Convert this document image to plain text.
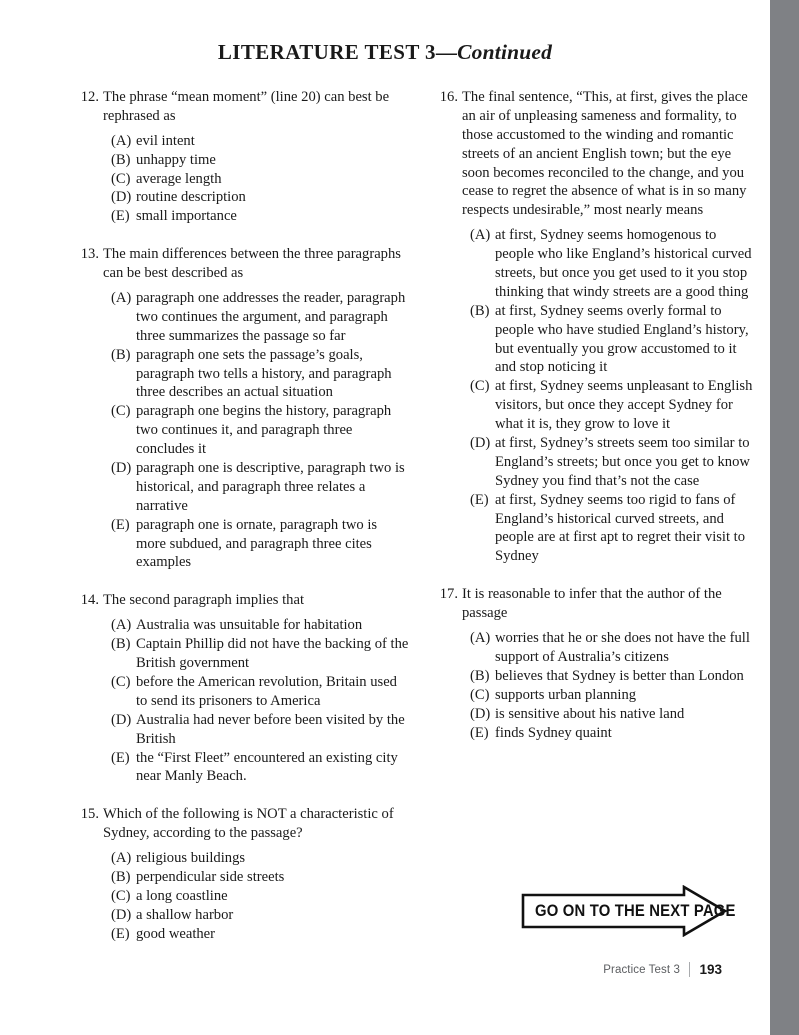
LITERATURE TEST 3—Continued
12. The phrase “mean moment” (line 20) can best be rephrased as
(A) evil intent
(B) unhappy time
(C) average length
(D) routine description
(E) small importance
13. The main differences between the three paragraphs can be best described as
(A) paragraph one addresses the reader, paragraph two continues the argument, and paragraph three summarizes the passage so far
(B) paragraph one sets the passage’s goals, paragraph two tells a history, and paragraph three describes an actual situation
(C) paragraph one begins the history, paragraph two continues it, and paragraph three concludes it
(D) paragraph one is descriptive, paragraph two is historical, and paragraph three relates a narrative
(E) paragraph one is ornate, paragraph two is more subdued, and paragraph three cites examples
14. The second paragraph implies that
(A) Australia was unsuitable for habitation
(B) Captain Phillip did not have the backing of the British government
(C) before the American revolution, Britain used to send its prisoners to America
(D) Australia had never before been visited by the British
(E) the “First Fleet” encountered an existing city near Manly Beach.
15. Which of the following is NOT a characteristic of Sydney, according to the passage?
(A) religious buildings
(B) perpendicular side streets
(C) a long coastline
(D) a shallow harbor
(E) good weather
16. The final sentence, “This, at first, gives the place an air of unpleasing sameness and formality, to those accustomed to the winding and romantic streets of an ancient English town; but the eye soon becomes reconciled to the change, and you cease to regret the absence of what is in so many respects undesirable,” most nearly means
(A) at first, Sydney seems homogenous to people who like England’s historical curved streets, but once you get used to it you stop thinking that windy streets are a good thing
(B) at first, Sydney seems overly formal to people who have studied England’s history, but eventually you grow accustomed to it and stop noticing it
(C) at first, Sydney seems unpleasant to English visitors, but once they accept Sydney for what it is, they grow to love it
(D) at first, Sydney’s streets seem too similar to England’s streets; but once you get to know Sydney you find that’s not the case
(E) at first, Sydney seems too rigid to fans of England’s historical curved streets, and people are at first apt to regret their visit to Sydney
17. It is reasonable to infer that the author of the passage
(A) worries that he or she does not have the full support of Australia’s citizens
(B) believes that Sydney is better than London
(C) supports urban planning
(D) is sensitive about his native land
(E) finds Sydney quaint
GO ON TO THE NEXT PAGE
Practice Test 3 193
